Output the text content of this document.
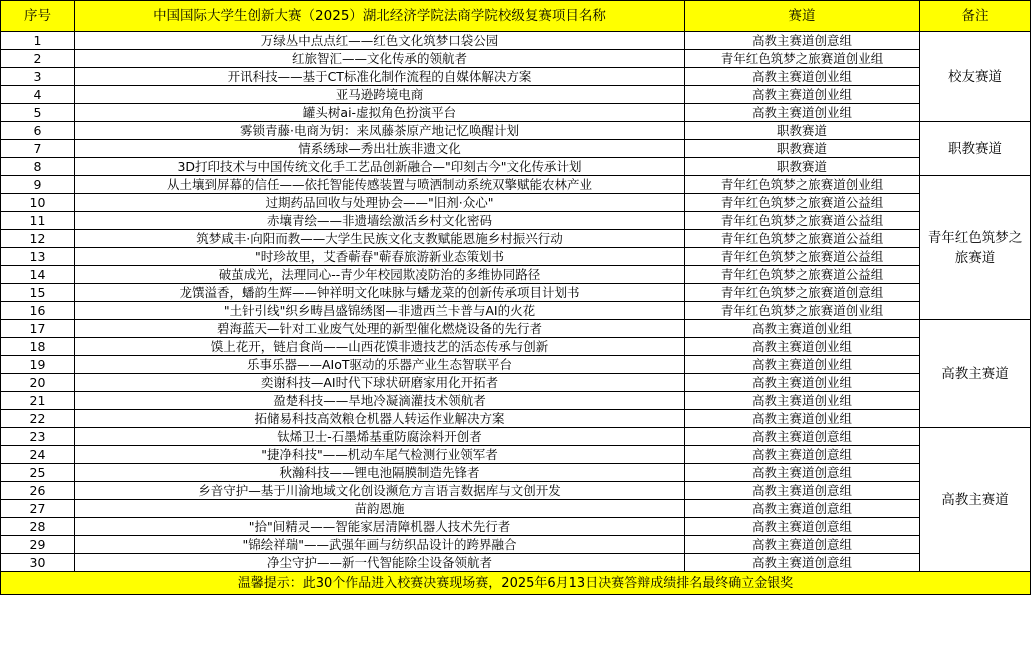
序号	中国国际大学生创新大赛（2025）湖北经济学院法商学院校级复赛项目名称	赛道	备注
1	万绿丛中点点红——红色文化筑梦口袋公园	高教主赛道创意组	校友赛道
2	红旅智汇——文化传承的领航者	青年红色筑梦之旅赛道创业组	
3	开讯科技——基于CT标准化制作流程的自媒体解决方案	高教主赛道创业组	
4	亚马逊跨境电商	高教主赛道创业组	
5	罐头树ai-虚拟角色扮演平台	高教主赛道创业组	
6	雾锁青藤·电商为钥：来凤藤茶原产地记忆唤醒计划	职教赛道	职教赛道
7	情系绣球—秀出壮族非遗文化	职教赛道	
8	3D打印技术与中国传统文化手工艺品创新融合—"印刻古今"文化传承计划	职教赛道	
9	从土壤到屏幕的信任——依托智能传感装置与喷洒制动系统双擎赋能农林产业	青年红色筑梦之旅赛道创业组	青年红色筑梦之旅赛道
10	过期药品回收与处理协会——"旧剂·众心"	青年红色筑梦之旅赛道公益组	
11	赤壤青绘——非遗墙绘激活乡村文化密码	青年红色筑梦之旅赛道公益组	
12	筑梦咸丰·向阳而教——大学生民族文化支教赋能恩施乡村振兴行动	青年红色筑梦之旅赛道公益组	
13	"时珍故里，艾香蕲春"蕲春旅游新业态策划书	青年红色筑梦之旅赛道公益组	
14	破茧成光，法理同心--青少年校园欺凌防治的多维协同路径	青年红色筑梦之旅赛道公益组	
15	龙馔溢香，蟠韵生辉——钟祥明文化味脉与蟠龙菜的创新传承项目计划书	青年红色筑梦之旅赛道创意组	
16	"土针引线"织乡畴昌盛锦绣图—非遗西兰卡普与AI的火花	青年红色筑梦之旅赛道创业组	
17	碧海蓝天—针对工业废气处理的新型催化燃烧设备的先行者	高教主赛道创业组	高教主赛道
18	馍上花开，链启食尚——山西花馍非遗技艺的活态传承与创新	高教主赛道创业组	
19	乐事乐器——AIoT驱动的乐器产业生态智联平台	高教主赛道创业组	
20	奕谢科技—AI时代下球状研磨家用化开拓者	高教主赛道创业组	
21	盈楚科技——旱地冷凝滴灌技术领航者	高教主赛道创业组	
22	拓储易科技高效粮仓机器人转运作业解决方案	高教主赛道创业组	
23	钛烯卫士-石墨烯基重防腐涂料开创者	高教主赛道创意组	高教主赛道
24	"捷净科技"——机动车尾气检测行业领军者	高教主赛道创意组	
25	秋瀚科技——锂电池隔膜制造先锋者	高教主赛道创意组	
26	乡音守护—基于川渝地域文化创设濒危方言语言数据库与文创开发	高教主赛道创意组	
27	苗韵恩施	高教主赛道创意组	
28	"拾"间精灵——智能家居清障机器人技术先行者	高教主赛道创意组	
29	"锦绘祥瑞"——武强年画与纺织品设计的跨界融合	高教主赛道创意组	
30	净尘守护——新一代智能除尘设备领航者	高教主赛道创意组	
温馨提示：此30个作品进入校赛决赛现场赛，2025年6月13日决赛答辩成绩排名最终确立金银奖			
